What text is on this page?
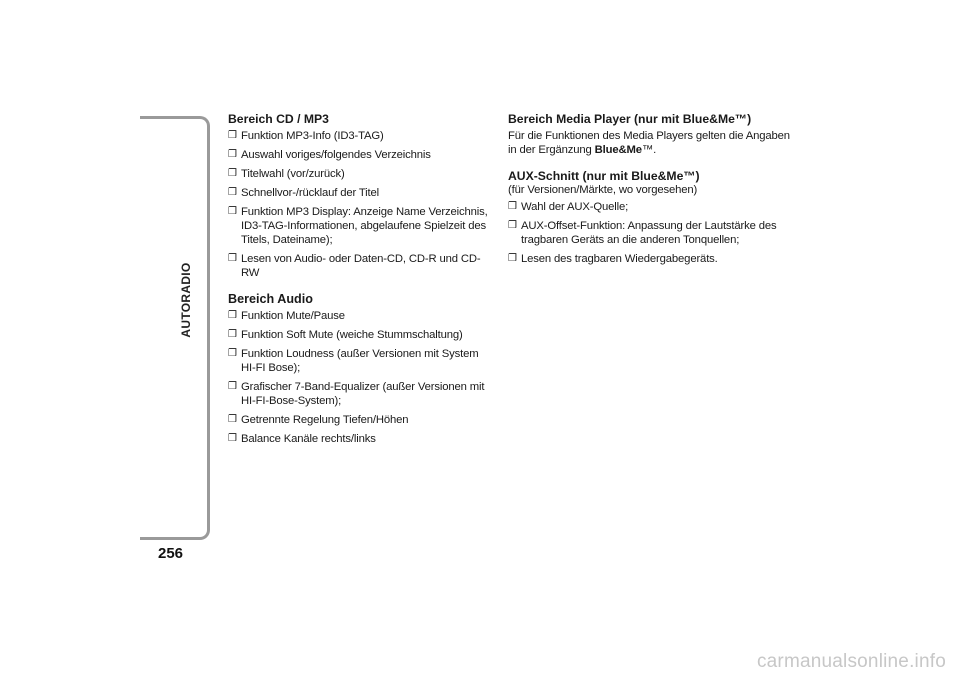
AUTORADIO
256
Bereich CD / MP3
❒ Funktion MP3-Info (ID3-TAG)
❒ Auswahl voriges/folgendes Verzeichnis
❒ Titelwahl (vor/zurück)
❒ Schnellvor-/rücklauf der Titel
❒ Funktion MP3 Display: Anzeige Name Verzeichnis, ID3-TAG-Informationen, abgelaufene Spielzeit des Titels, Dateiname);
❒ Lesen von Audio- oder Daten-CD, CD-R und CD-RW
Bereich Audio
❒ Funktion Mute/Pause
❒ Funktion Soft Mute (weiche Stummschaltung)
❒ Funktion Loudness (außer Versionen mit System HI-FI Bose);
❒ Grafischer 7-Band-Equalizer (außer Versionen mit HI-FI-Bose-System);
❒ Getrennte Regelung Tiefen/Höhen
❒ Balance Kanäle rechts/links
Bereich Media Player (nur mit Blue&Me™)

Für die Funktionen des Media Players gelten die Angaben in der Ergänzung Blue&Me™.

AUX-Schnitt (nur mit Blue&Me™)
(für Versionen/Märkte, wo vorgesehen)
❒ Wahl der AUX-Quelle;
❒ AUX-Offset-Funktion: Anpassung der Lautstärke des tragbaren Geräts an die anderen Tonquellen;
❒ Lesen des tragbaren Wiedergabegeräts.
carmanualsonline.info
